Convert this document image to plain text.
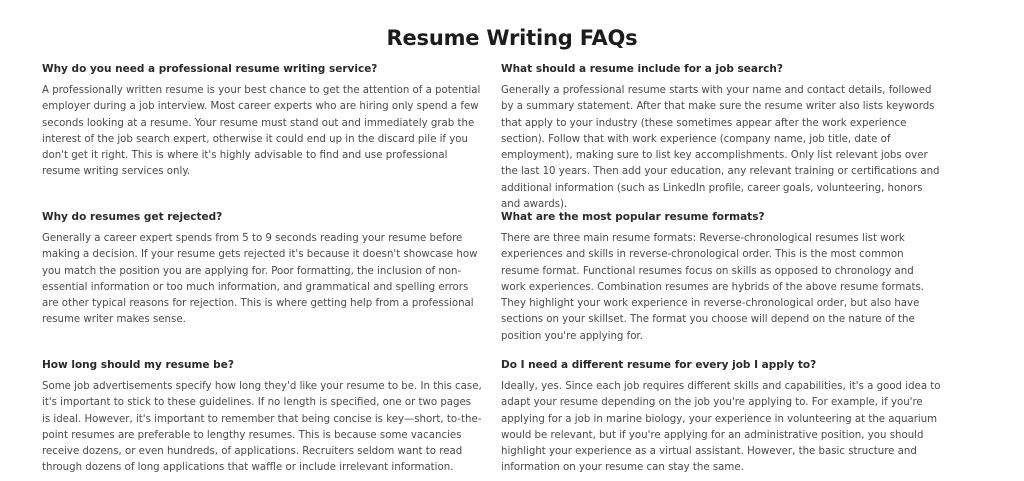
Resume Writing FAQs
Why do you need a professional resume writing service?

A professionally written resume is your best chance to get the attention of a potential employer during a job interview. Most career experts who are hiring only spend a few seconds looking at a resume. Your resume must stand out and immediately grab the interest of the job search expert, otherwise it could end up in the discard pile if you don't get it right. This is where it's highly advisable to find and use professional resume writing services only.

What should a resume include for a job search?

Generally a professional resume starts with your name and contact details, followed by a summary statement. After that make sure the resume writer also lists keywords that apply to your industry (these sometimes appear after the work experience section). Follow that with work experience (company name, job title, date of employment), making sure to list key accomplishments. Only list relevant jobs over the last 10 years. Then add your education, any relevant training or certifications and additional information (such as LinkedIn profile, career goals, volunteering, honors and awards).

Why do resumes get rejected?

Generally a career expert spends from 5 to 9 seconds reading your resume before making a decision. If your resume gets rejected it's because it doesn't showcase how you match the position you are applying for. Poor formatting, the inclusion of non-essential information or too much information, and grammatical and spelling errors are other typical reasons for rejection. This is where getting help from a professional resume writer makes sense.

What are the most popular resume formats?

There are three main resume formats: Reverse-chronological resumes list work experiences and skills in reverse-chronological order. This is the most common resume format. Functional resumes focus on skills as opposed to chronology and work experiences. Combination resumes are hybrids of the above resume formats. They highlight your work experience in reverse-chronological order, but also have sections on your skillset. The format you choose will depend on the nature of the position you're applying for.

How long should my resume be?

Some job advertisements specify how long they'd like your resume to be. In this case, it's important to stick to these guidelines. If no length is specified, one or two pages is ideal. However, it's important to remember that being concise is key—short, to-the-point resumes are preferable to lengthy resumes. This is because some vacancies receive dozens, or even hundreds, of applications. Recruiters seldom want to read through dozens of long applications that waffle or include irrelevant information.

Do I need a different resume for every job I apply to?

Ideally, yes. Since each job requires different skills and capabilities, it's a good idea to adapt your resume depending on the job you're applying to. For example, if you're applying for a job in marine biology, your experience in volunteering at the aquarium would be relevant, but if you're applying for an administrative position, you should highlight your experience as a virtual assistant. However, the basic structure and information on your resume can stay the same.
